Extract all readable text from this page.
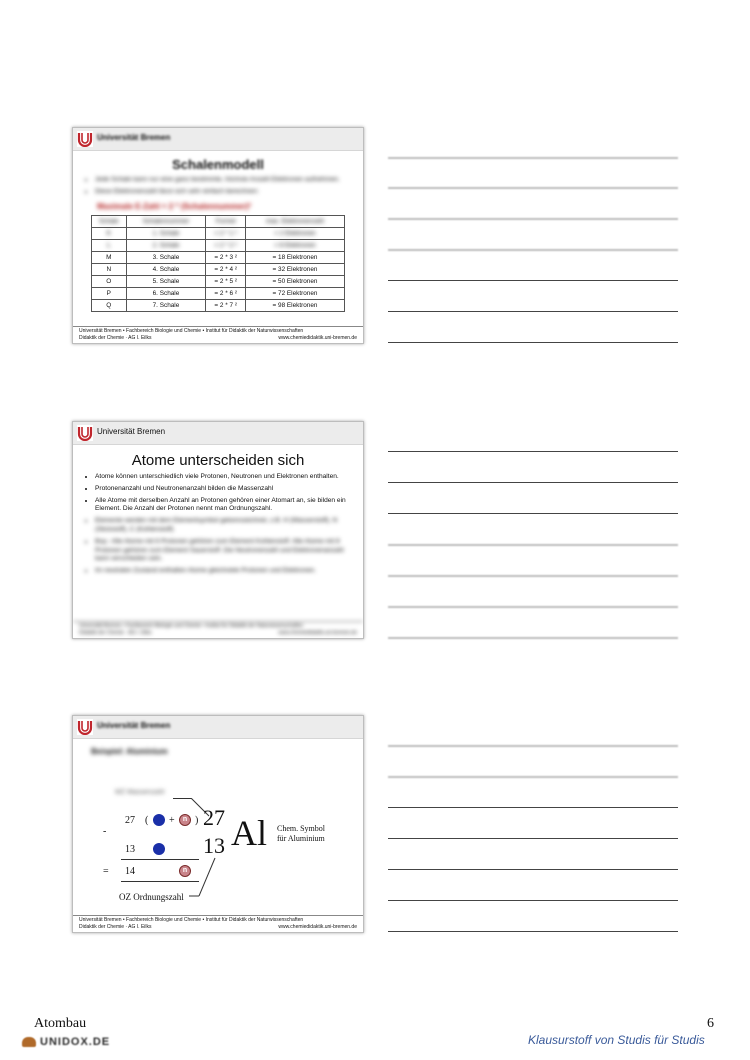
Universität Bremen
Schalenmodell
• Jede Schale kann nur eine ganz bestimmte, höchste Anzahl Elektronen aufnehmen.
• Diese Elektronenzahl lässt sich sehr einfach berechnen:
Maximale E-Zahl = 2 * (Schalennummer)²
Schale	Schalennummer	Formel	max. Elektronenzahl
K	1. Schale	= 2 * 1 ²	= 2 Elektronen
L	2. Schale	= 2 * 2 ²	= 8 Elektronen
M	3. Schale	= 2 * 3 ²	= 18 Elektronen
N	4. Schale	= 2 * 4 ²	= 32 Elektronen
O	5. Schale	= 2 * 5 ²	= 50 Elektronen
P	6. Schale	= 2 * 6 ²	= 72 Elektronen
Q	7. Schale	= 2 * 7 ²	= 98 Elektronen
Universität Bremen • Fachbereich Biologie und Chemie • Institut für Didaktik der Naturwissenschaften
Didaktik der Chemie · AG I. Eilks	www.chemiedidaktik.uni-bremen.de
Universität Bremen
Atome unterscheiden sich
• Atome können unterschiedlich viele Protonen, Neutronen und Elektronen enthalten.
• Protonenanzahl und Neutronenanzahl bilden die Massenzahl
• Alle Atome mit derselben Anzahl an Protonen gehören einer Atomart an, sie bilden ein Element. Die Anzahl der Protonen nennt man Ordnungszahl.
• Elemente werden mit dem Elementsymbol gekennzeichnet, z.B. H (Wasserstoff), N (Stickstoff), C (Kohlenstoff)
• Bsp.: Alle Atome mit 6 Protonen gehören zum Element Kohlenstoff. Alle Atome mit 8 Protonen gehören zum Element Sauerstoff. Die Neutronenzahl und Elektronenanzahl kann verschieden sein.
• Im neutralen Zustand enthalten Atome gleichviele Protonen und Elektronen.
Universität Bremen • Fachbereich Biologie und Chemie • Institut für Didaktik der Naturwissenschaften
Didaktik der Chemie · AG I. Eilks	www.chemiedidaktik.uni-bremen.de
Universität Bremen
Beispiel: Aluminium
MZ Massenzahl
27 ( +	n )
-
13
= 14	n
27
13 Al Chem. Symbol
für Aluminium
OZ Ordnungszahl
Universität Bremen • Fachbereich Biologie und Chemie • Institut für Didaktik der Naturwissenschaften
Didaktik der Chemie · AG I. Eilks	www.chemiedidaktik.uni-bremen.de
Atombau	6
UNIDOX.DE	Klausurstoff von Studis für Studis
